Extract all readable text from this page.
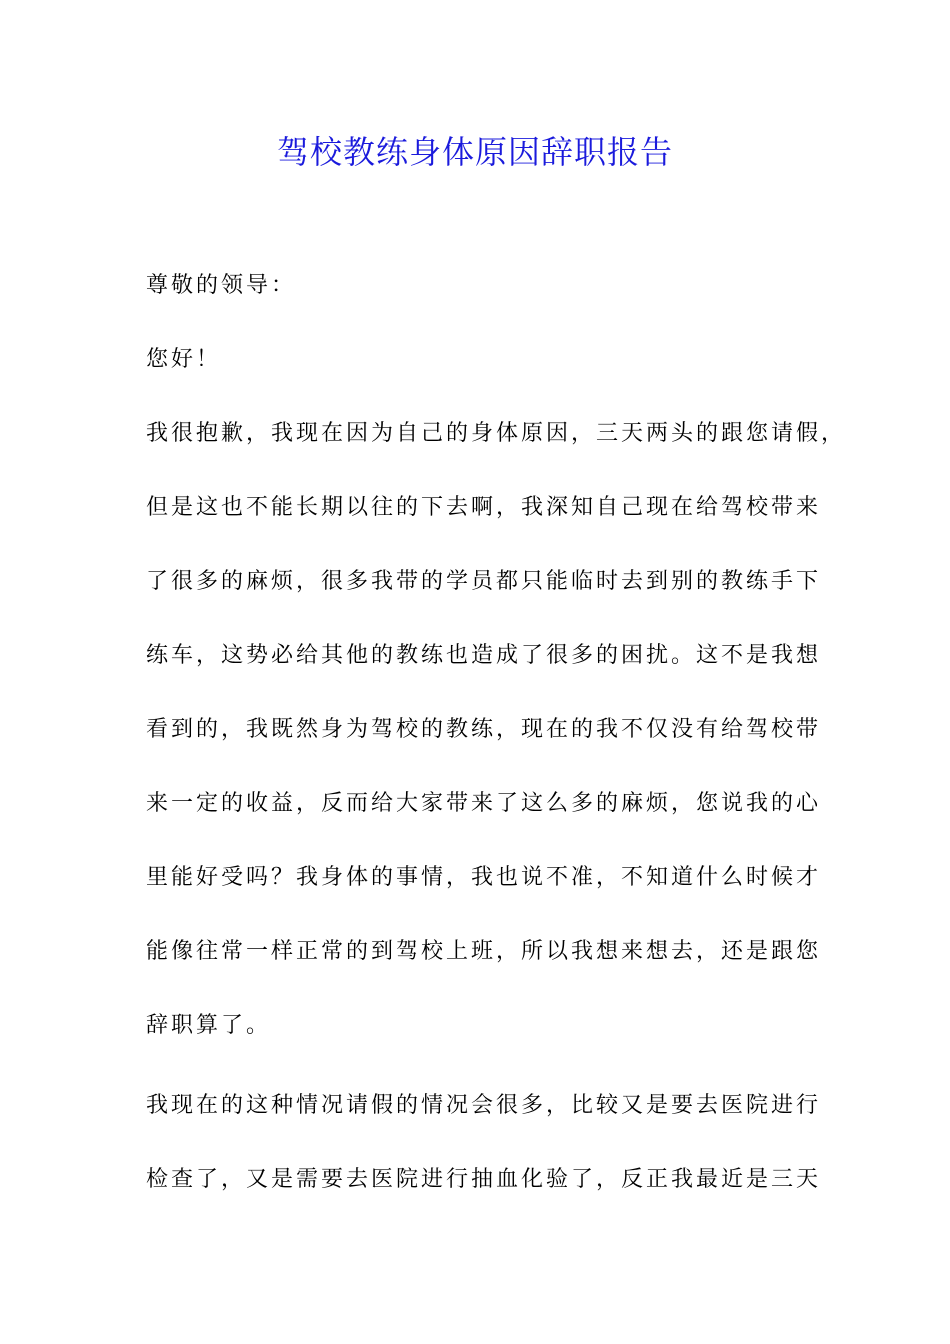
驾校教练身体原因辞职报告
尊敬的领导：
您好！
我很抱歉，我现在因为自己的身体原因，三天两头的跟您请假，
但是这也不能长期以往的下去啊，我深知自己现在给驾校带来
了很多的麻烦，很多我带的学员都只能临时去到别的教练手下
练车，这势必给其他的教练也造成了很多的困扰。这不是我想
看到的，我既然身为驾校的教练，现在的我不仅没有给驾校带
来一定的收益，反而给大家带来了这么多的麻烦，您说我的心
里能好受吗？我身体的事情，我也说不准，不知道什么时候才
能像往常一样正常的到驾校上班，所以我想来想去，还是跟您
辞职算了。
我现在的这种情况请假的情况会很多，比较又是要去医院进行
检查了，又是需要去医院进行抽血化验了，反正我最近是三天
